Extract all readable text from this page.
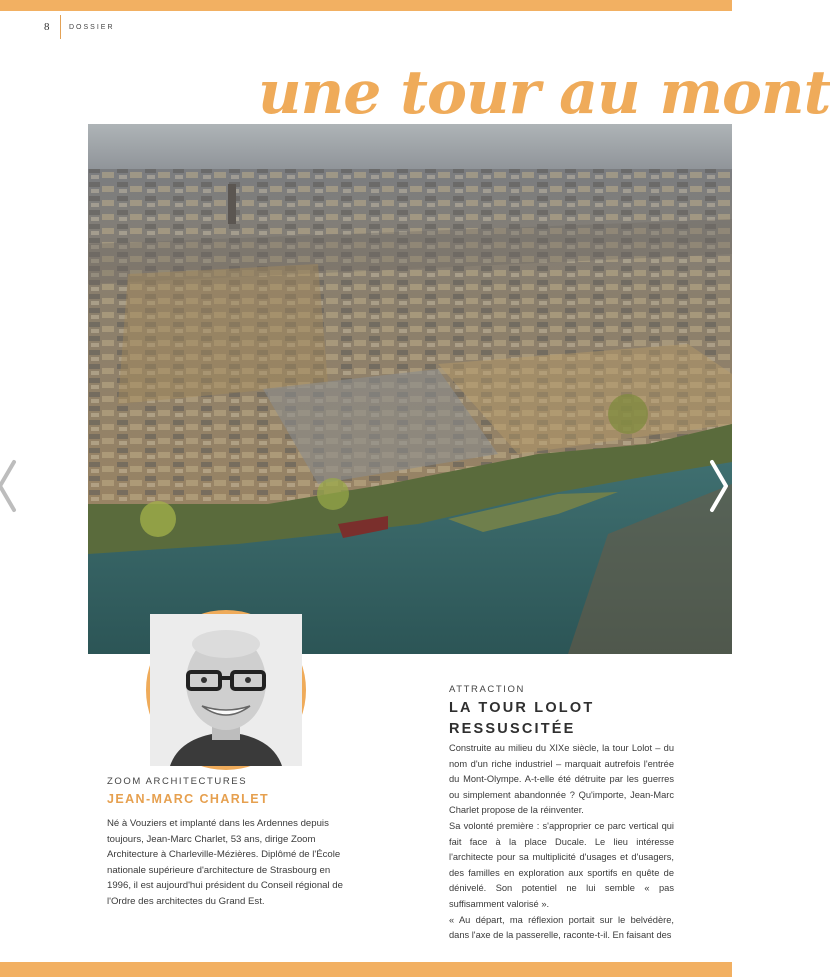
8	DOSSIER
une tour au mont
ZOOM ARCHITECTURES
JEAN-MARC CHARLET

Né à Vouziers et implanté dans les Ardennes depuis toujours, Jean-Marc Charlet, 53 ans, dirige Zoom Architecture à Charleville-Mézières. Diplômé de l'École nationale supérieure d'architecture de Strasbourg en 1996, il est aujourd'hui président du Conseil régional de l'Ordre des architectes du Grand Est.

ATTRACTION
LA TOUR LOLOT RESSUSCITÉE

Construite au milieu du XIXe siècle, la tour Lolot – du nom d'un riche industriel – marquait autrefois l'entrée du Mont-Olympe. A-t-elle été détruite par les guerres ou simplement abandonnée ? Qu'importe, Jean-Marc Charlet propose de la réinventer.

Sa volonté première : s'approprier ce parc vertical qui fait face à la place Ducale. Le lieu intéresse l'architecte pour sa multiplicité d'usages et d'usagers, des familles en exploration aux sportifs en quête de dénivelé. Son potentiel ne lui semble « pas suffisamment valorisé ».

« Au départ, ma réflexion portait sur le belvédère, dans l'axe de la passerelle, raconte-t-il. En faisant des
